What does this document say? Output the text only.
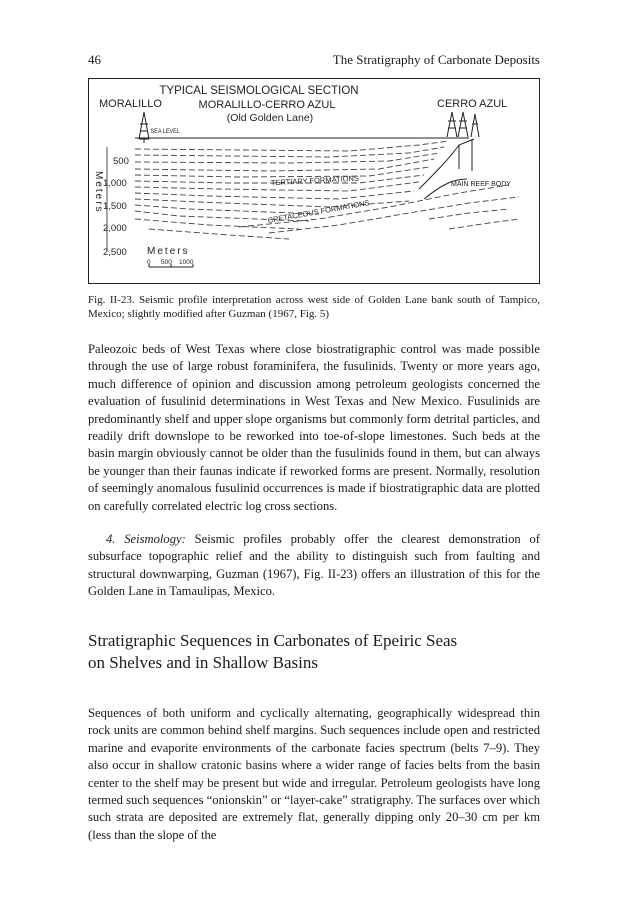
46	The Stratigraphy of Carbonate Deposits
TYPICAL SEISMOLOGICAL SECTION
MORALILLO	MORALILLO-CERRO AZUL	CERRO AZUL
(Old Golden Lane)
SEA LEVEL
500
1,000
1,500
2,000
2,500
Meters	TERTIARY FORMATIONS
CRETACEOUS FORMATIONS
MAIN REEF BODY
Meters
0 500 1000
Fig. II-23. Seismic profile interpretation across west side of Golden Lane bank south of Tampico, Mexico; slightly modified after Guzman (1967, Fig. 5)

Paleozoic beds of West Texas where close biostratigraphic control was made possible through the use of large robust foraminifera, the fusulinids. Twenty or more years ago, much difference of opinion and discussion among petroleum geologists concerned the evaluation of fusulinid determinations in West Texas and New Mexico. Fusulinids are predominantly shelf and upper slope organisms but commonly form detrital particles, and readily drift downslope to be reworked into toe-of-slope limestones. Such beds at the basin margin obviously cannot be older than the fusulinids found in them, but can always be younger than their faunas indicate if reworked forms are present. Normally, resolution of seemingly anomalous fusulinid occurrences is made if biostratigraphic data are plotted on carefully correlated electric log cross sections.

4. Seismology: Seismic profiles probably offer the clearest demonstration of subsurface topographic relief and the ability to distinguish such from faulting and structural downwarping, Guzman (1967), Fig. II-23) offers an illustration of this for the Golden Lane in Tamaulipas, Mexico.

Stratigraphic Sequences in Carbonates of Epeiric Seas
on Shelves and in Shallow Basins

Sequences of both uniform and cyclically alternating, geographically widespread thin rock units are common behind shelf margins. Such sequences include open and restricted marine and evaporite environments of the carbonate facies spectrum (belts 7–9). They also occur in shallow cratonic basins where a wider range of facies belts from the basin center to the shelf may be present but wide and irregular. Petroleum geologists have long termed such sequences “onionskin” or “layer-cake” stratigraphy. The surfaces over which such strata are deposited are extremely flat, generally dipping only 20–30 cm per km (less than the slope of the
